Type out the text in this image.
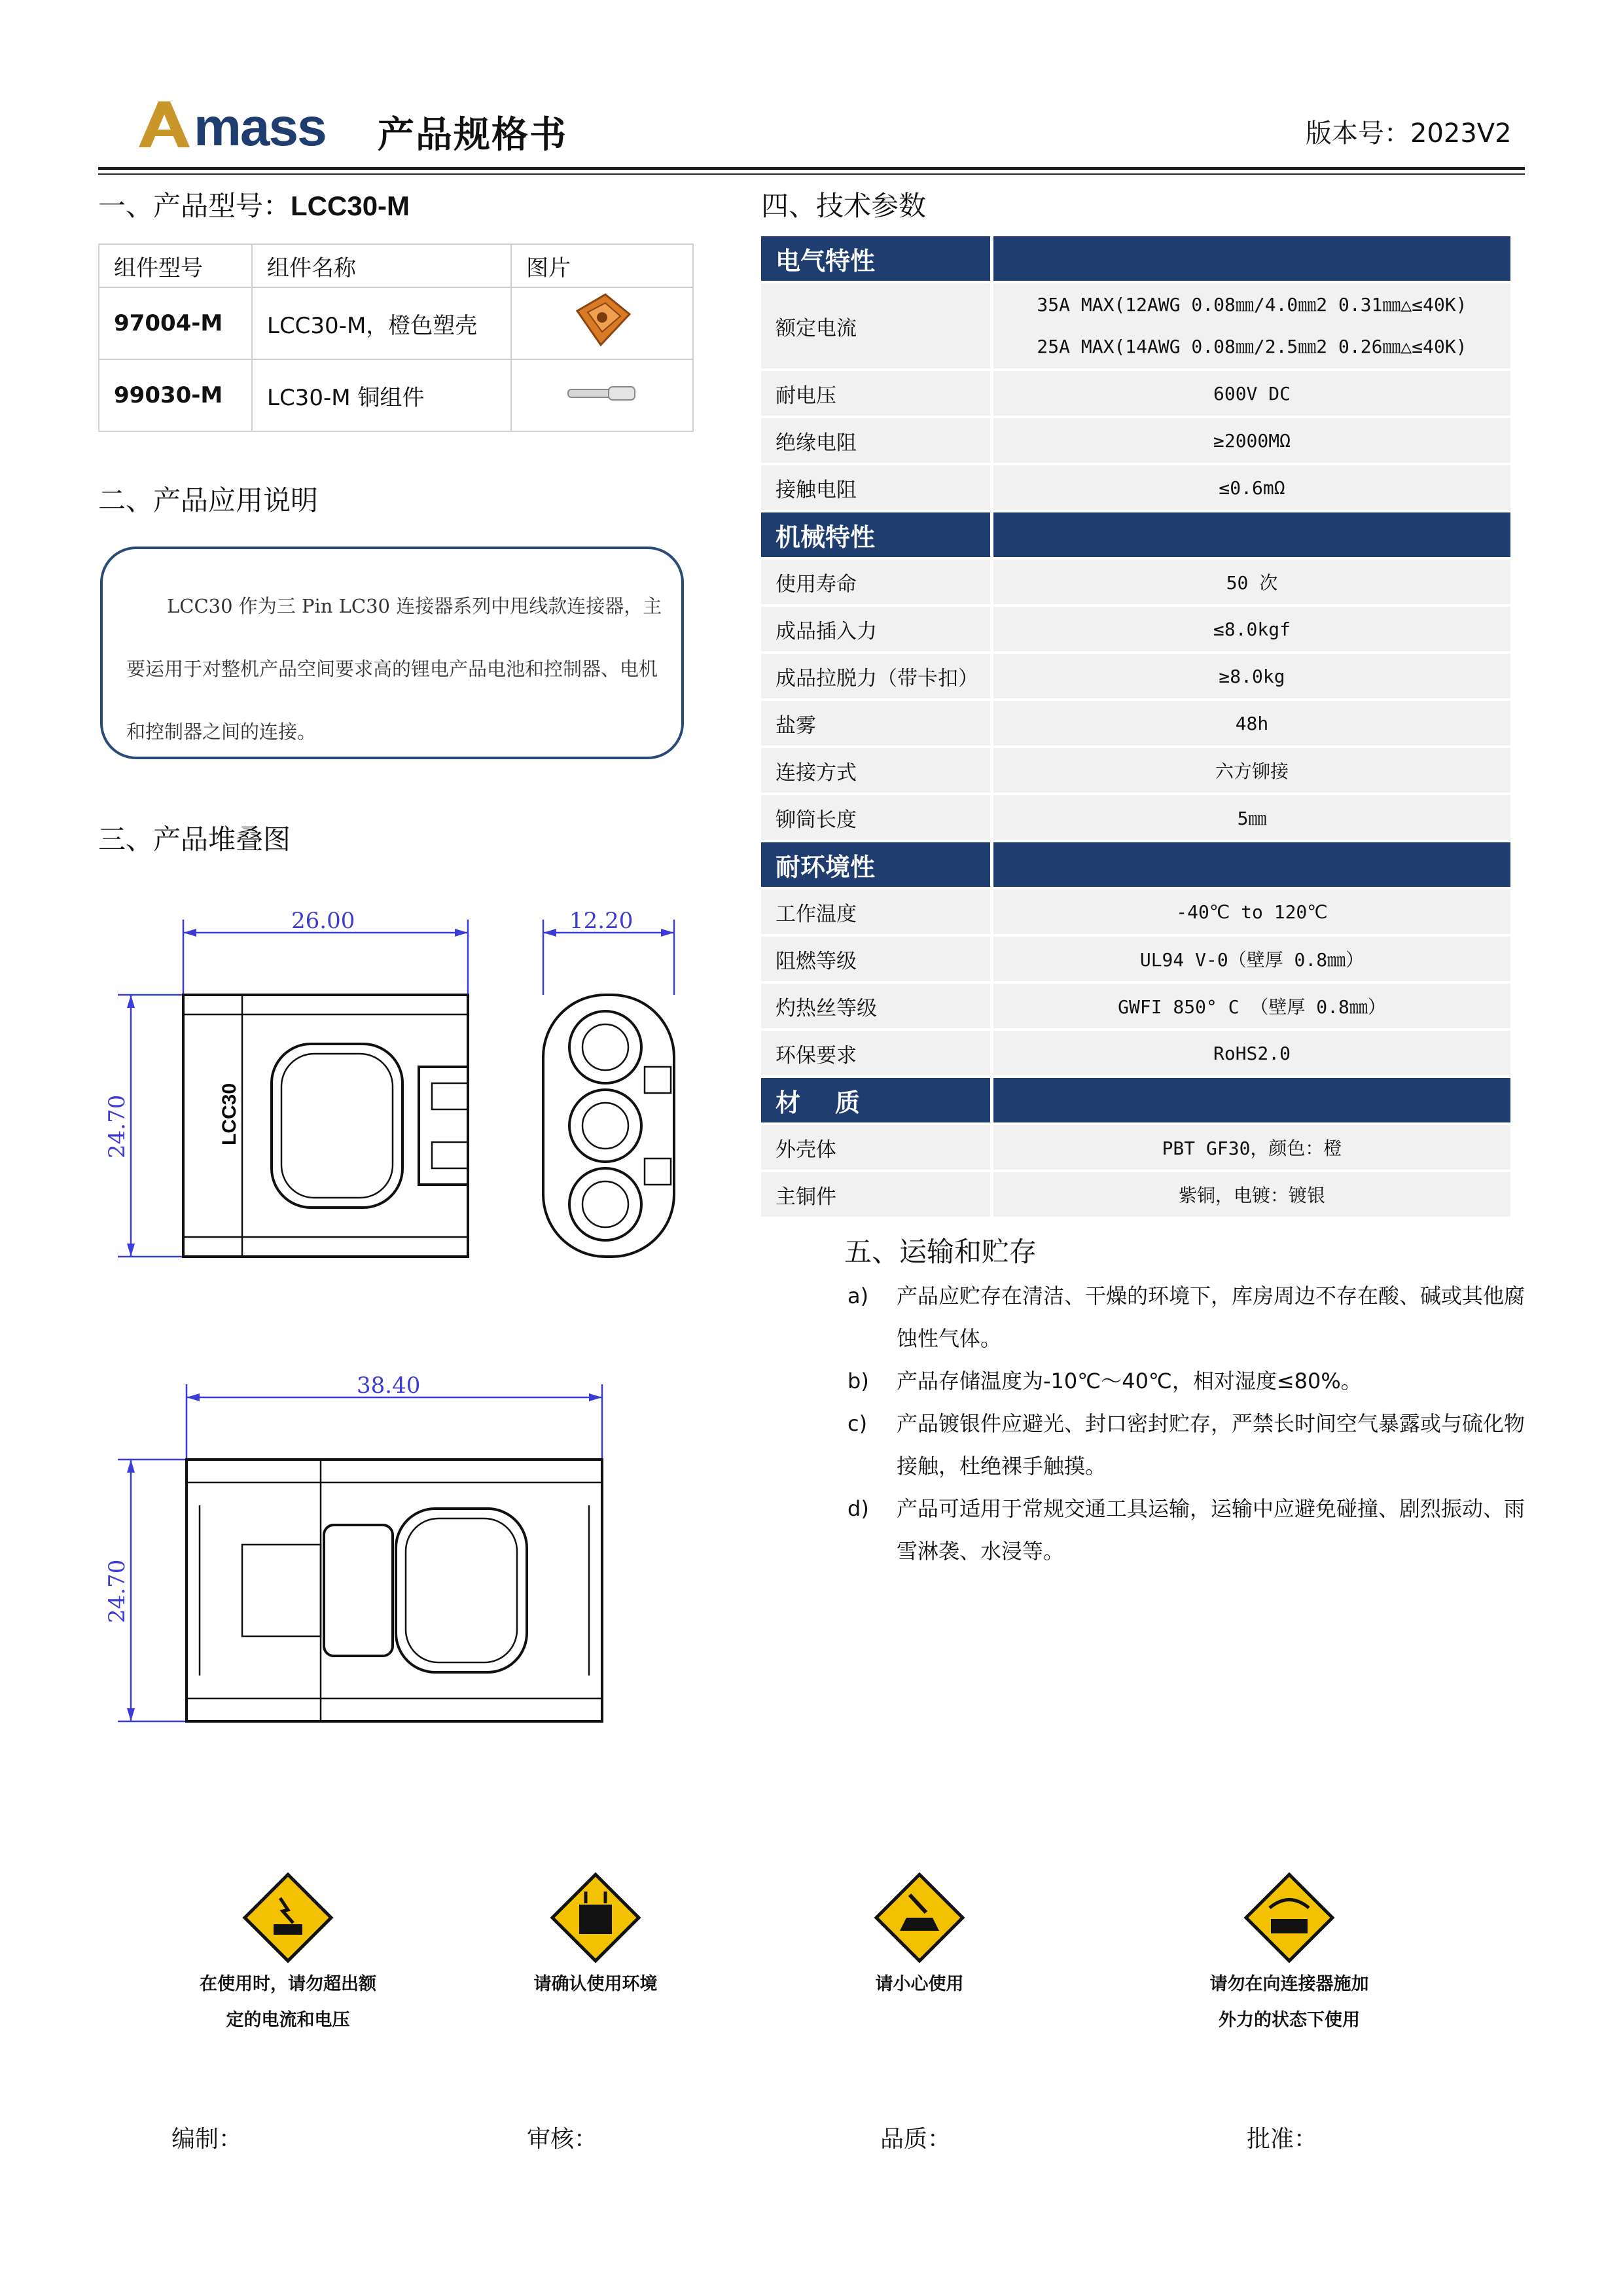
mass 产品规格书	版本号：2023V2
一、产品型号：LCC30-M
组件型号	组件名称	图片
97004-M	LCC30-M，橙色塑壳	
99030-M	LC30-M 铜组件	
二、产品应用说明
LCC30 作为三 Pin LC30 连接器系列中甩线款连接器，主要运用于对整机产品空间要求高的锂电产品电池和控制器、电机和控制器之间的连接。
三、产品堆叠图
26.00
24.70	LCC30
12.20
38.40
24.70
四、技术参数
电气特性	
额定电流	35A MAX(12AWG 0.08㎜/4.0㎜2 0.31㎜△≤40K)
25A MAX(14AWG 0.08㎜/2.5㎜2 0.26㎜△≤40K)

耐电压	600V DC
绝缘电阻	≥2000MΩ
接触电阻	≤0.6mΩ
机械特性	
使用寿命	50 次
成品插入力	≤8.0kgf
成品拉脱力（带卡扣）	≥8.0kg
盐雾	48h
连接方式	六方铆接
铆筒长度	5㎜
耐环境性	
工作温度	-40℃ to 120℃
阻燃等级	UL94 V-0（壁厚 0.8㎜）
灼热丝等级	GWFI 850° C （壁厚 0.8㎜）
环保要求	RoHS2.0
材    质	
外壳体	PBT GF30，颜色：橙
主铜件	紫铜，电镀：镀银
五、运输和贮存
a)	产品应贮存在清洁、干燥的环境下，库房周边不存在酸、碱或其他腐蚀性气体。
b)	产品存储温度为-10℃～40℃，相对湿度≤80%。
c)	产品镀银件应避光、封口密封贮存，严禁长时间空气暴露或与硫化物接触，杜绝裸手触摸。
d)	产品可适用于常规交通工具运输，运输中应避免碰撞、剧烈振动、雨雪淋袭、水浸等。
在使用时，请勿超出额
定的电流和电压
请确认使用环境	请小心使用	请勿在向连接器施加
外力的状态下使用
编制：	审核：	品质：	批准：
